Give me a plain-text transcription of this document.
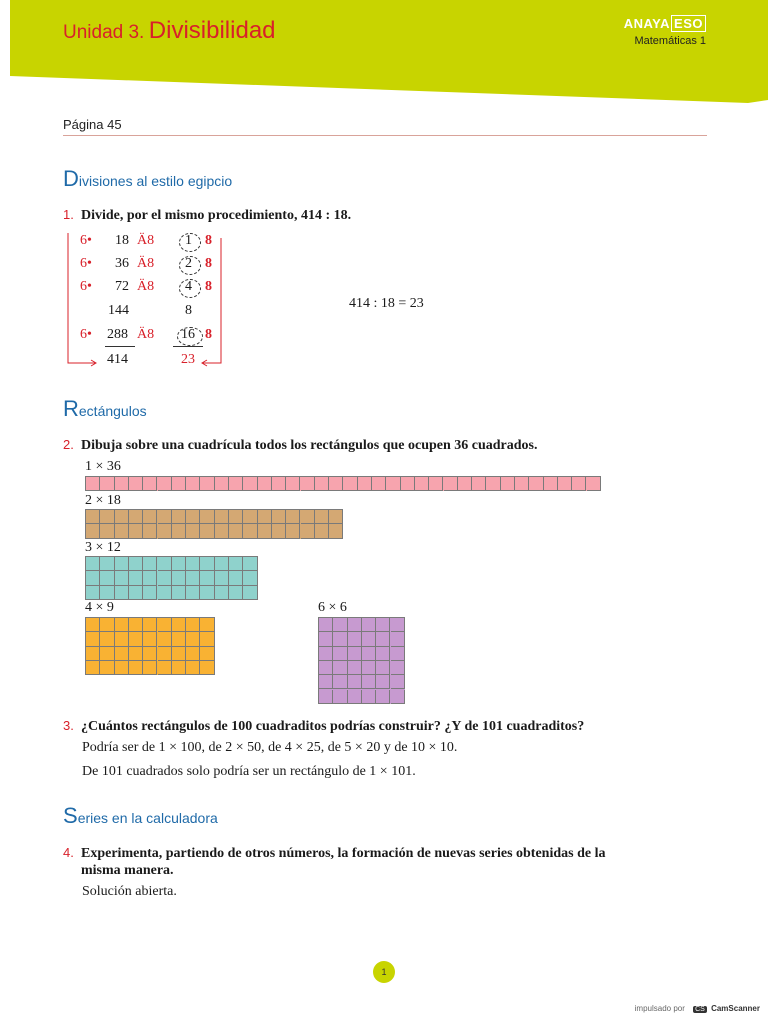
Unidad 3. Divisibilidad	ANAYA ESO
Matemáticas 1
Página 45
Divisiones al estilo egipcio
1. Divide, por el mismo procedimiento, 414 : 18.
6• 18 Ä8 1 8
6• 36 Ä8 2 8
6• 72 Ä8 4 8
144	8
6• 288 Ä8 16 8
414	23
414 : 18 = 23
Rectángulos
2. Dibuja sobre una cuadrícula todos los rectángulos que ocupen 36 cuadrados.
1 × 36
2 × 18
3 × 12
4 × 9	6 × 6
3. ¿Cuántos rectángulos de 100 cuadraditos podrías construir? ¿Y de 101 cuadraditos?
Podría ser de 1 × 100, de 2 × 50, de 4 × 25, de 5 × 20 y de 10 × 10.
De 101 cuadrados solo podría ser un rectángulo de 1 × 101.
Series en la calculadora
4. Experimenta, partiendo de otros números, la formación de nuevas series obtenidas de la
misma manera.
Solución abierta.
1
impulsado por CS CamScanner
